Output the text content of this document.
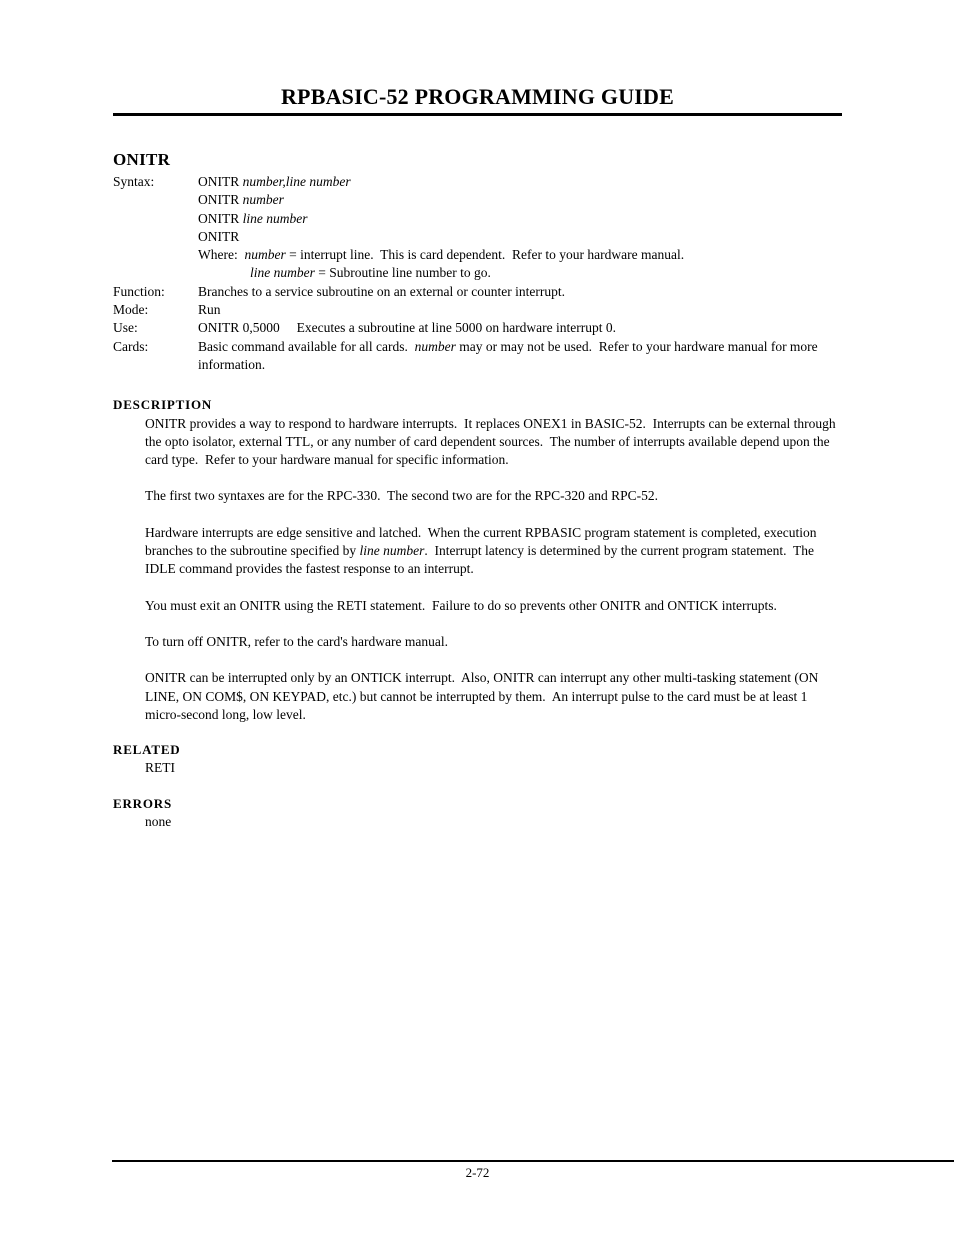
RPBASIC-52 PROGRAMMING GUIDE
ONITR
Syntax:	ONITR number,line number
ONITR number
ONITR line number
ONITR
Where:  number = interrupt line.  This is card dependent.  Refer to your hardware manual.
line number = Subroutine line number to go.
Function:	Branches to a service subroutine on an external or counter interrupt.
Mode:	Run
Use:	ONITR 0,5000     Executes a subroutine at line 5000 on hardware interrupt 0.
Cards:	Basic command available for all cards.  number may or may not be used.  Refer to your hardware manual for more information.
DESCRIPTION

ONITR provides a way to respond to hardware interrupts.  It replaces ONEX1 in BASIC-52.  Interrupts can be external through the opto isolator, external TTL, or any number of card dependent sources.  The number of interrupts available depend upon the card type.  Refer to your hardware manual for specific information.

The first two syntaxes are for the RPC-330.  The second two are for the RPC-320 and RPC-52.

Hardware interrupts are edge sensitive and latched.  When the current RPBASIC program statement is completed, execution branches to the subroutine specified by line number.  Interrupt latency is determined by the current program statement.  The IDLE command provides the fastest response to an interrupt.

You must exit an ONITR using the RETI statement.  Failure to do so prevents other ONITR and ONTICK interrupts.

To turn off ONITR, refer to the card's hardware manual.

ONITR can be interrupted only by an ONTICK interrupt.  Also, ONITR can interrupt any other multi-tasking statement (ON LINE, ON COM$, ON KEYPAD, etc.) but cannot be interrupted by them.  An interrupt pulse to the card must be at least 1 micro-second long, low level.

RELATED
RETI
ERRORS
none
2-72
